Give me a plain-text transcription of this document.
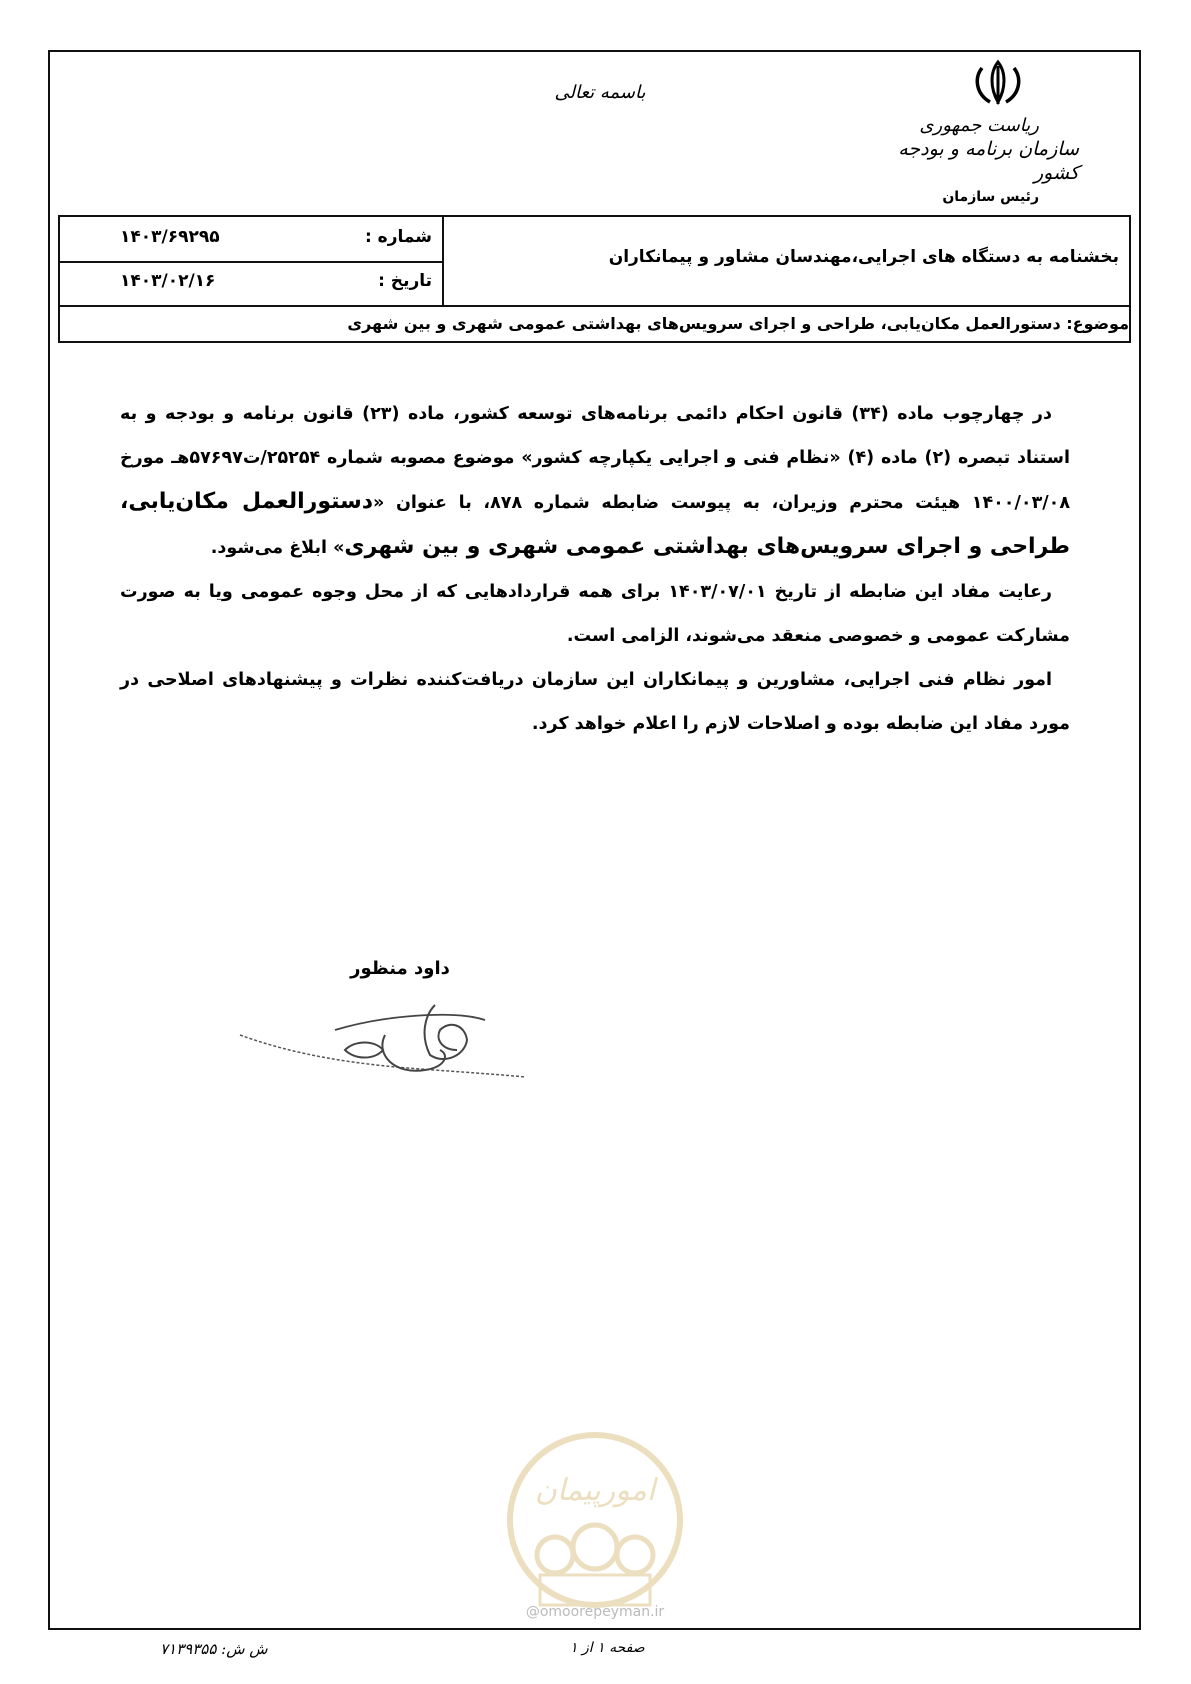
باسمه تعالی
ریاست جمهوری
سازمان برنامه و بودجه کشور
رئیس سازمان
شماره :
۱۴۰۳/۶۹۲۹۵
تاریخ :
۱۴۰۳/۰۲/۱۶
بخشنامه به دستگاه های اجرایی،مهندسان مشاور و پیمانکاران
موضوع: دستورالعمل مکان‌یابی، طراحی و اجرای سرویس‌های بهداشتی عمومی شهری و بین شهری

در چهارچوب ماده (۳۴) قانون احکام دائمی برنامه‌های توسعه کشور، ماده (۲۳) قانون برنامه و بودجه و به استناد تبصره (۲) ماده (۴) «نظام فنی و اجرایی یکپارچه کشور» موضوع مصوبه شماره ۲۵۲۵۴/ت۵۷۶۹۷هـ مورخ ۱۴۰۰/۰۳/۰۸ هیئت محترم وزیران، به پیوست ضابطه شماره ۸۷۸، با عنوان «دستورالعمل مکان‌یابی، طراحی و اجرای سرویس‌های بهداشتی عمومی شهری و بین شهری» ابلاغ می‌شود.

رعایت مفاد این ضابطه از تاریخ ۱۴۰۳/۰۷/۰۱ برای همه قراردادهایی که از محل وجوه عمومی ویا به صورت مشارکت عمومی و خصوصی منعقد می‌شوند، الزامی است.

امور نظام فنی اجرایی، مشاورین و پیمانکاران این سازمان دریافت‌کننده نظرات و پیشنهادهای اصلاحی در مورد مفاد این ضابطه بوده و اصلاحات لازم را اعلام خواهد کرد.

داود منظور
امورپیمان
@omoorepeyman.ir
ش ش: ۷۱۳۹۳۵۵	صفحه ۱ از ۱
